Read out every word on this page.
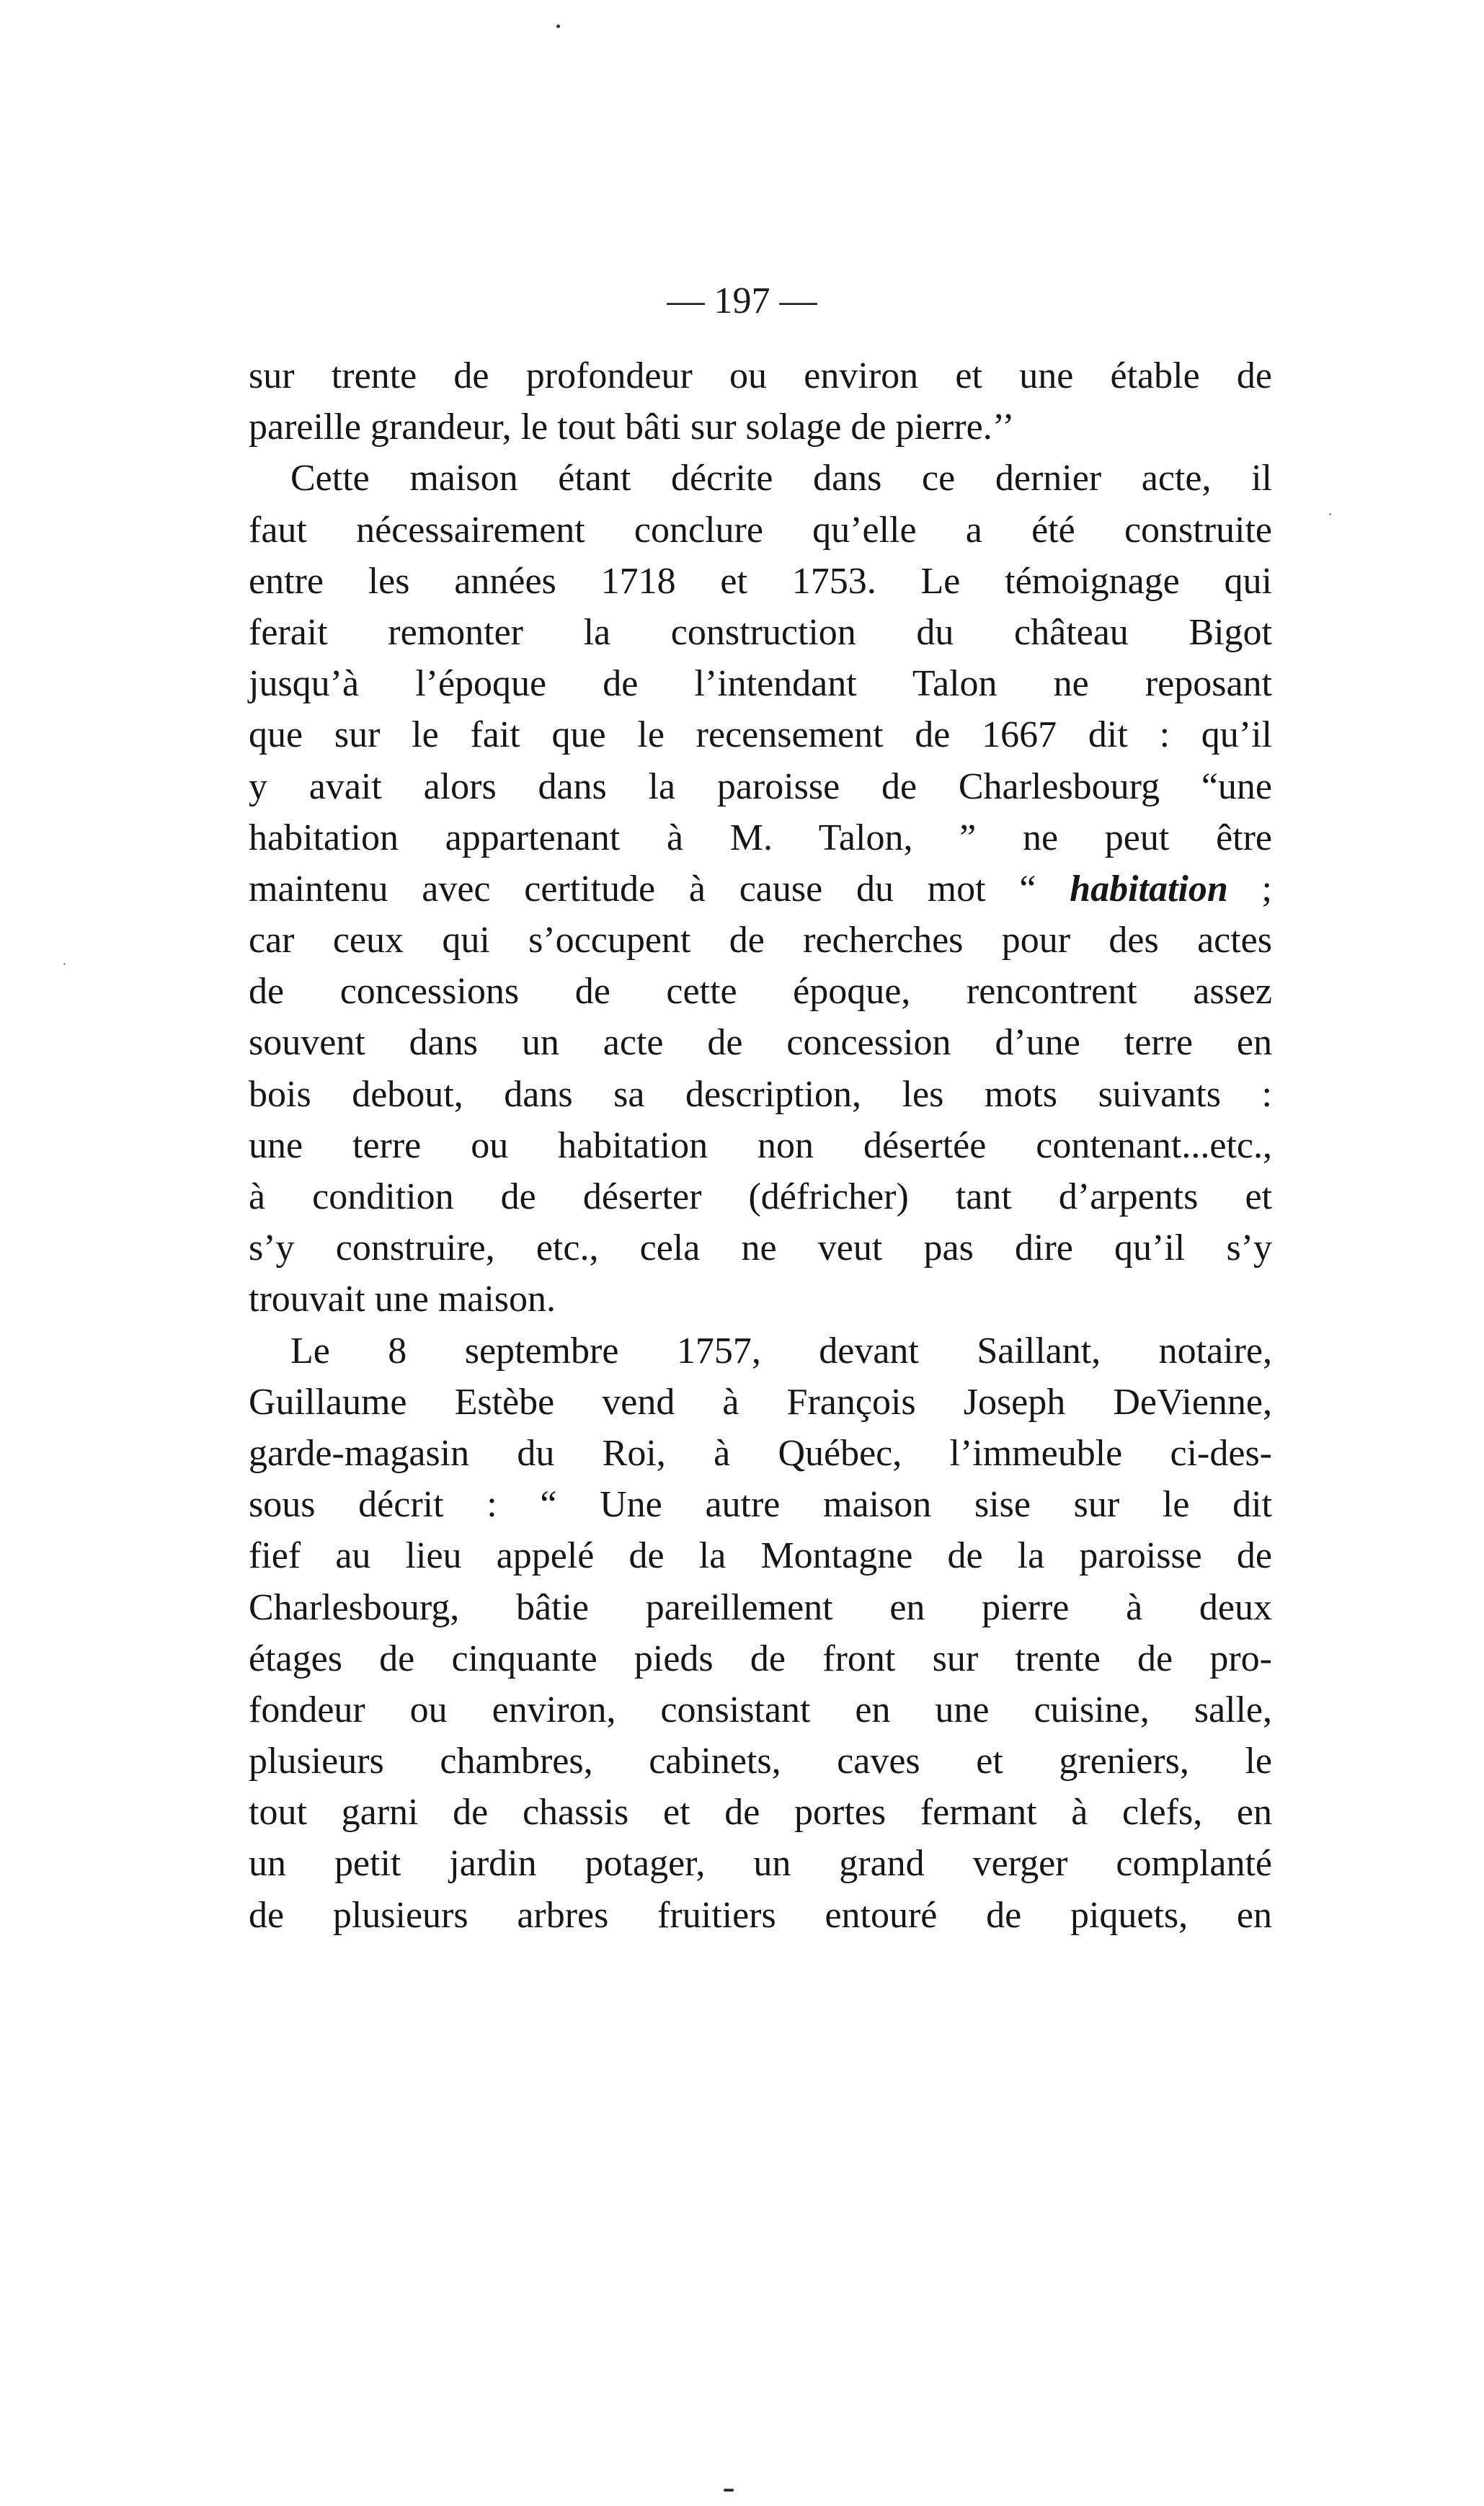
— 197 —
sur trente de profondeur ou environ et une étable de
pareille grandeur, le tout bâti sur solage de pierre.’’
Cette maison étant décrite dans ce dernier acte, il
faut nécessairement conclure qu’elle a été construite
entre les années 1718 et 1753. Le témoignage qui
ferait remonter la construction du château Bigot
jusqu’à l’époque de l’intendant Talon ne reposant
que sur le fait que le recensement de 1667 dit : qu’il
y avait alors dans la paroisse de Charlesbourg “une
habitation appartenant à M. Talon, ” ne peut être
maintenu avec certitude à cause du mot “ habitation ;
car ceux qui s’occupent de recherches pour des actes
de concessions de cette époque, rencontrent assez
souvent dans un acte de concession d’une terre en
bois debout, dans sa description, les mots suivants :
une terre ou habitation non désertée contenant...etc.,
à condition de déserter (défricher) tant d’arpents et
s’y construire, etc., cela ne veut pas dire qu’il s’y
trouvait une maison.
Le 8 septembre 1757, devant Saillant, notaire,
Guillaume Estèbe vend à François Joseph DeVienne,
garde-magasin du Roi, à Québec, l’immeuble ci-des-
sous décrit : “ Une autre maison sise sur le dit
fief au lieu appelé de la Montagne de la paroisse de
Charlesbourg, bâtie pareillement en pierre à deux
étages de cinquante pieds de front sur trente de pro-
fondeur ou environ, consistant en une cuisine, salle,
plusieurs chambres, cabinets, caves et greniers, le
tout garni de chassis et de portes fermant à clefs, en
un petit jardin potager, un grand verger complanté
de plusieurs arbres fruitiers entouré de piquets, en
